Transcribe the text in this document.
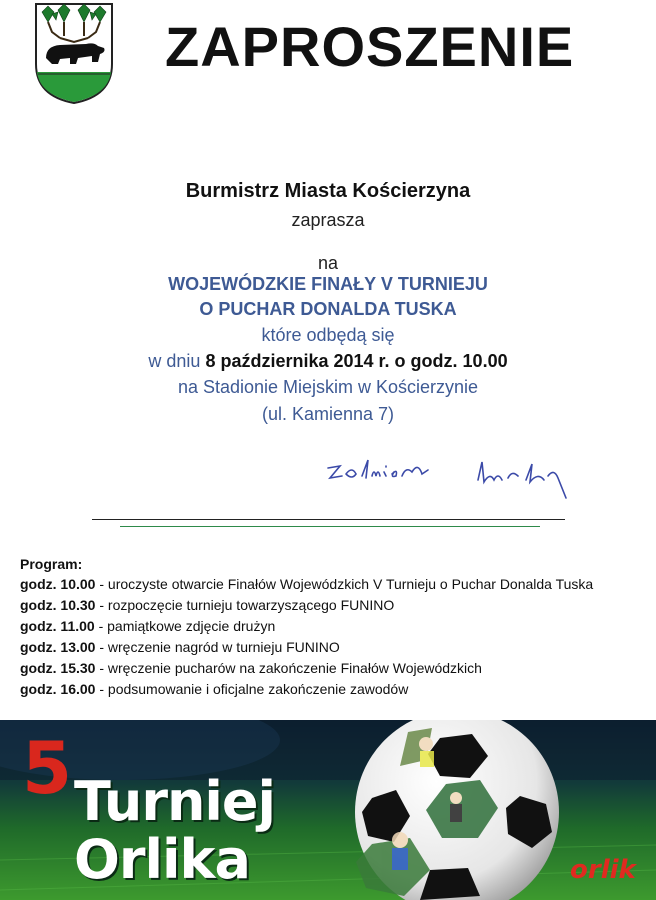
ZAPROSZENIE
Burmistrz Miasta Kościerzyna
zaprasza
na
WOJEWÓDZKIE FINAŁY V TURNIEJU
O PUCHAR DONALDA TUSKA
które odbędą się
w dniu 8 października 2014 r. o godz. 10.00
na Stadionie Miejskim w Kościerzynie
(ul. Kamienna 7)
Program:
godz. 10.00 - uroczyste otwarcie Finałów Wojewódzkich V Turnieju o Puchar Donalda Tuska
godz. 10.30 - rozpoczęcie turnieju towarzyszącego FUNINO
godz. 11.00 - pamiątkowe zdjęcie drużyn
godz. 13.00 - wręczenie nagród w turnieju FUNINO
godz. 15.30 - wręczenie pucharów na zakończenie Finałów Wojewódzkich
godz. 16.00 - podsumowanie i oficjalne zakończenie zawodów
5 Turniej
Orlika	orlik
